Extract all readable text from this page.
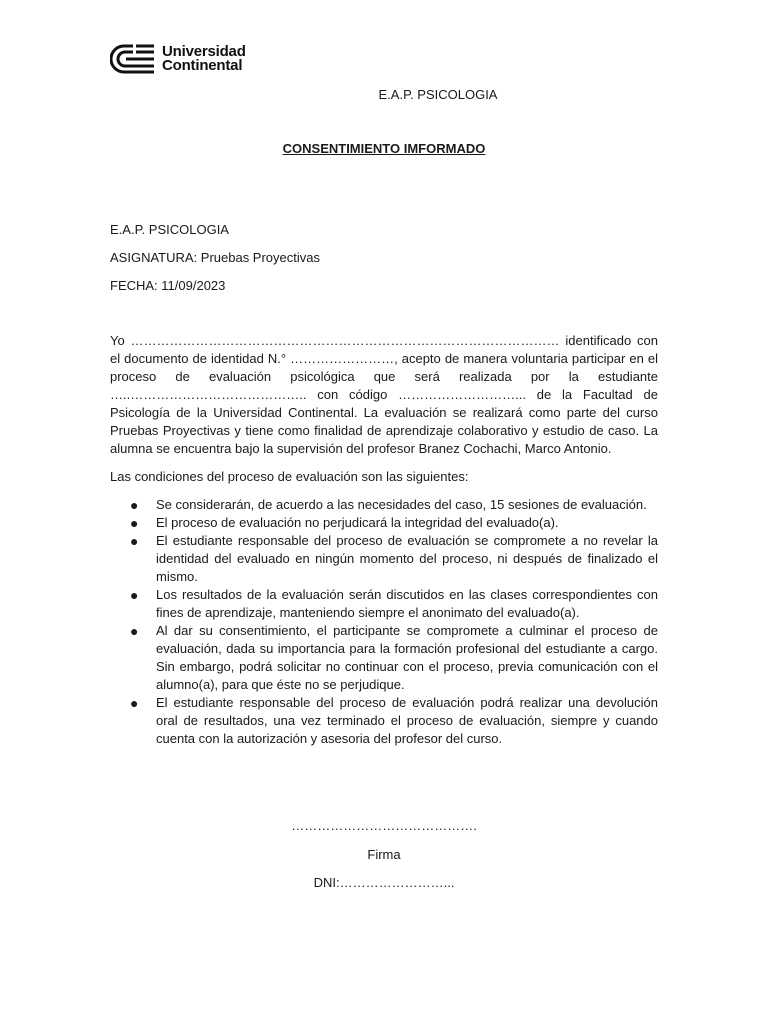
Universidad
Continental
E.A.P. PSICOLOGIA
CONSENTIMIENTO IMFORMADO
E.A.P. PSICOLOGIA
ASIGNATURA: Pruebas Proyectivas
FECHA: 11/09/2023
Yo ……………………………………………………………………………………… identificado con el documento de identidad N.° ……………………, acepto de manera voluntaria participar en el proceso de evaluación psicológica que será realizada por la estudiante …..………………………………….. con código ………………………... de la Facultad de Psicología de la Universidad Continental. La evaluación se realizará como parte del curso Pruebas Proyectivas y tiene como finalidad de aprendizaje colaborativo y estudio de caso. La alumna se encuentra bajo la supervisión del profesor Branez Cochachi, Marco Antonio.
Las condiciones del proceso de evaluación son las siguientes:
● Se considerarán, de acuerdo a las necesidades del caso, 15 sesiones de evaluación.
● El proceso de evaluación no perjudicará la integridad del evaluado(a).
● El estudiante responsable del proceso de evaluación se compromete a no revelar la identidad del evaluado en ningún momento del proceso, ni después de finalizado el mismo.
● Los resultados de la evaluación serán discutidos en las clases correspondientes con fines de aprendizaje, manteniendo siempre el anonimato del evaluado(a).
● Al dar su consentimiento, el participante se compromete a culminar el proceso de evaluación, dada su importancia para la formación profesional del estudiante a cargo. Sin embargo, podrá solicitar no continuar con el proceso, previa comunicación con el alumno(a), para que éste no se perjudique.
● El estudiante responsable del proceso de evaluación podrá realizar una devolución oral de resultados, una vez terminado el proceso de evaluación, siempre y cuando cuenta con la autorización y asesoria del profesor del curso.
…………………………………….
Firma
DNI:……………………...
